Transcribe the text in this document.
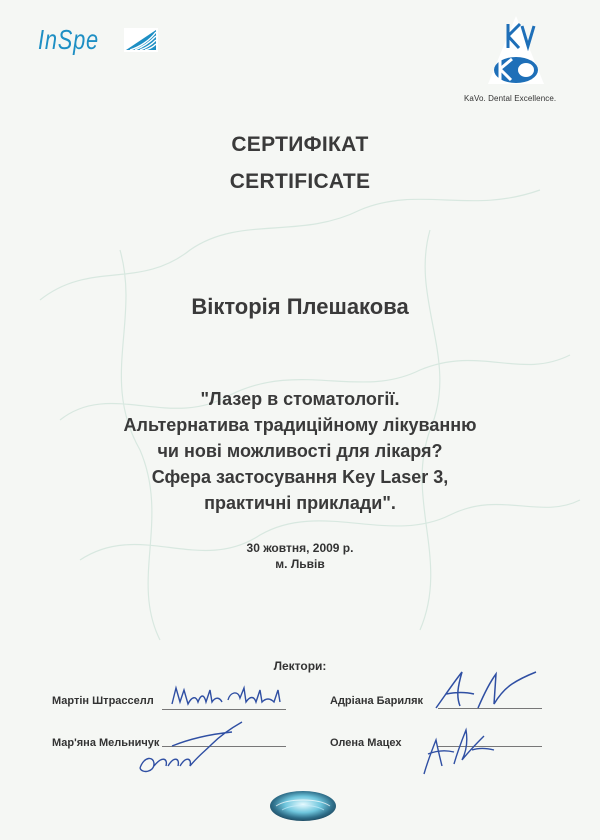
InSpe
KaVo. Dental Excellence.
СЕРТИФІКАТ
CERTIFICATE
Вікторія Плешакова
"Лазер в стоматології.
Альтернатива традиційному лікуванню
чи нові можливості для лікаря?
Сфера застосування Key Laser 3,
практичні приклади".
30 жовтня, 2009 р.
м. Львів
Лектори:
Мартін Штрасселл	Адріана Бариляк
Мар'яна Мельничук	Олена Мацех
